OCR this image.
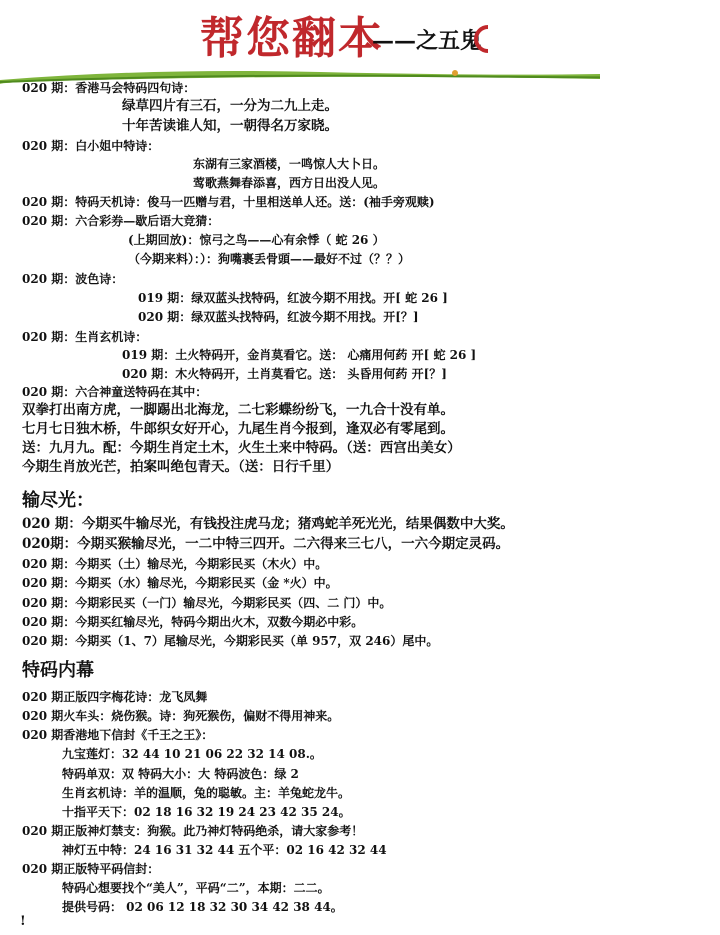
帮您翻本
——之五鬼
020 期：香港马会特码四句诗：
绿草四片有三石，一分为二九上走。
十年苦读谁人知，一朝得名万家晓。
020 期：白小姐中特诗：
东湖有三家酒楼，一鸣惊人大卜日。
莺歌燕舞春添喜，西方日出没人见。
020 期：特码天机诗：俊马一匹赠与君，十里相送单人还。送：(袖手旁观赎)
020 期：六合彩券—歇后语大竞猜：
(上期回放)：惊弓之鸟——心有余悸（ 蛇 26 ）
（今期来料）：）：狗嘴裹丢骨頭——最好不过（？？）
020 期：波色诗：
019 期：绿双蓝头找特码，红波今期不用找。开[ 蛇 26 ]
020 期：绿双蓝头找特码，红波今期不用找。开[？]
020 期：生肖玄机诗：
019 期：土火特码开，金肖莫看它。送： 心痛用何药 开[ 蛇 26 ]
020 期：木火特码开，土肖莫看它。送： 头昏用何药 开[？]
020 期：六合神童送特码在其中：
双拳打出南方虎，一脚踢出北海龙，二七彩蝶纷纷飞，一九合十没有单。
七月七日独木桥，牛郎织女好开心，九尾生肖今报到，逢双必有零尾到。
送：九月九。配：今期生肖定土木，火生土来中特码。（送：西宫出美女）
今期生肖放光芒，拍案叫绝包青天。（送：日行千里）
输尽光：
020 期：今期买牛输尽光，有钱投注虎马龙；猪鸡蛇羊死光光，结果偶数中大奖。
020期：今期买猴输尽光，一二中特三四开。二六得来三七八，一六今期定灵码。
020 期：今期买（土）输尽光，今期彩民买（木火）中。
020 期：今期买（水）输尽光，今期彩民买（金 *火）中。
020 期：今期彩民买（一门）输尽光，今期彩民买（四、二 门）中。
020 期：今期买红输尽光，特码今期出火木，双数今期必中彩。
020 期：今期买（1、7）尾输尽光，今期彩民买（单 957，双 246）尾中。
特码内幕
020 期正版四字梅花诗：龙飞凤舞
020 期火车头：烧伤猴。诗：狗死猴伤，偏财不得用神来。
020 期香港地下信封《千王之王》：
九宝莲灯：32 44 10 21 06 22 32 14 08.。
特码单双：双 特码大小：大 特码波色：绿 2
生肖玄机诗：羊的温顺，兔的聪敏。主：羊兔蛇龙牛。
十指平天下：02 18 16 32 19 24 23 42 35 24。
020 期正版神灯禁支：狗猴。此乃神灯特码绝杀，请大家参考！
神灯五中特：24 16 31 32 44 五个平：02 16 42 32 44
020 期正版特平码信封：
特码心想要找个“美人”，平码“二”，本期：二二。
提供号码： 02 06 12 18 32 30 34 42 38 44。
!
